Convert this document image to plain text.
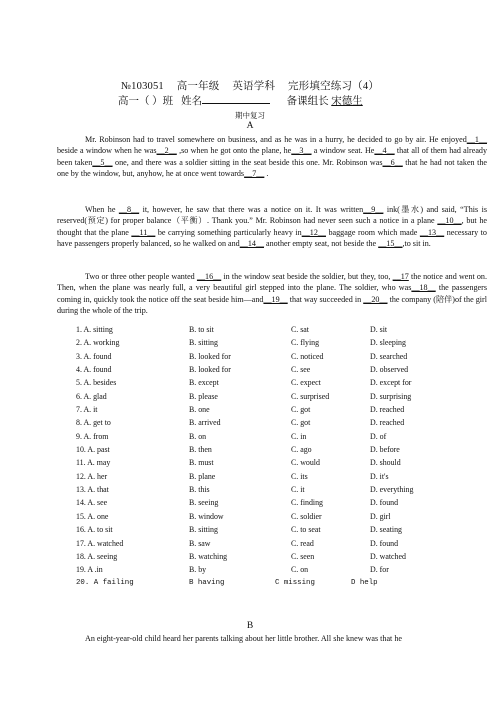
№103051 高一年级 英语学科 完形填空练习（4）
高一（ ）班 姓名	备课组长 宋德生
期中复习
A
Mr. Robinson had to travel somewhere on business, and as he was in a hurry, he decided to go by air. He enjoyed__1__ beside a window when he was__2__ ,so when he got onto the plane, he__3__ a window seat. He__4__ that all of them had already been taken__5__ one, and there was a soldier sitting in the seat beside this one. Mr. Robinson was__6__ that he had not taken the one by the window, but, anyhow, he at once went towards__7__ .
When he __8__ it, however, he saw that there was a notice on it. It was written__9__ ink(墨水) and said, “This is reserved(预定) for proper balance（平衡）. Thank you.” Mr. Robinson had never seen such a notice in a plane __10__, but he thought that the plane __11__ be carrying something particularly heavy in__12__ baggage room which made __13__ necessary to have passengers properly balanced, so he walked on and__14__ another empty seat, not beside the __15__,to sit in.
Two or three other people wanted __16__ in the window seat beside the soldier, but they, too, __17 the notice and went on. Then, when the plane was nearly full, a very beautiful girl stepped into the plane. The soldier, who was__18__ the passengers coming in, quickly took the notice off the seat beside him—and__19__ that way succeeded in __20__ the company (陪伴)of the girl during the whole of the trip.
1. A. sitting	B. to sit	C. sat	D. sit
2. A. working	B. sitting	C. flying	D. sleeping
3. A. found	B. looked for	C. noticed	D. searched
4. A. found	B. looked for	C. see	D. observed
5. A. besides	B. except	C. expect	D. except for
6. A. glad	B. please	C. surprised	D. surprising
7. A. it	B. one	C. got	D. reached
8. A. get to	B. arrived	C. got	D. reached
9. A. from	B. on	C. in	D. of
10. A. past	B. then	C. ago	D. before
11. A. may	B. must	C. would	D. should
12. A. her	B. plane	C. its	D. it's
13. A. that	B. this	C. it	D. everything
14. A. see	B. seeing	C. finding	D. found
15. A. one	B. window	C. soldier	D. girl
16. A. to sit	B. sitting	C. to seat	D. seating
17. A. watched	B. saw	C. read	D. found
18. A. seeing	B. watching	C. seen	D. watched
19. A .in	B. by	C. on	D. for
20. A failing	B having	C missing	D help
B
An eight-year-old child heard her parents talking about her little brother. All she knew was that he
